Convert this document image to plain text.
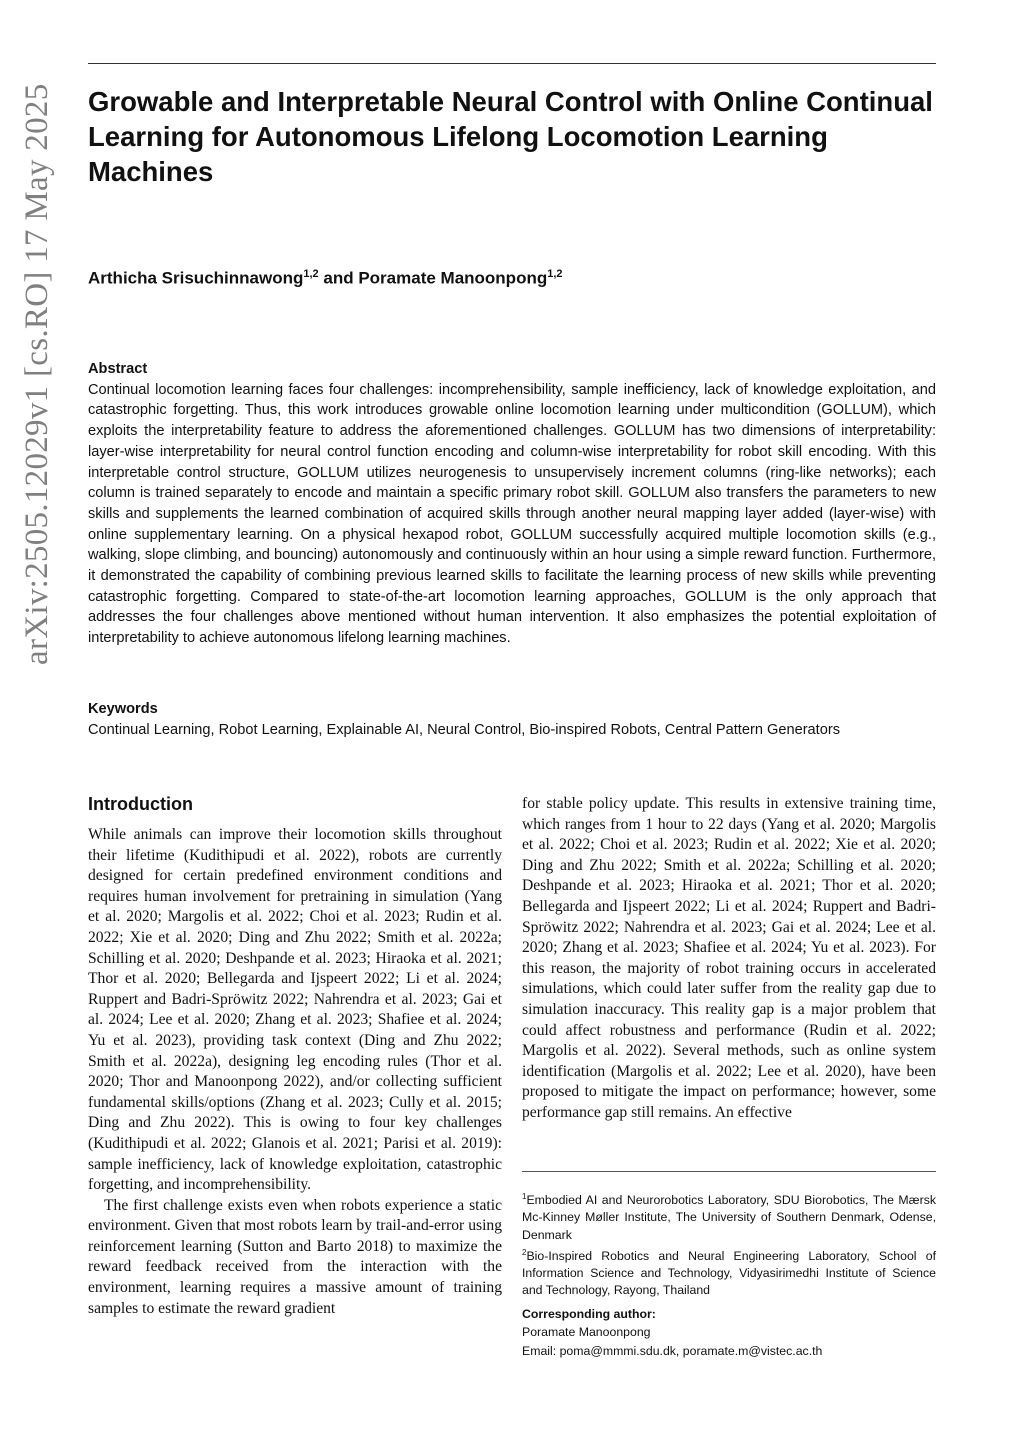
arXiv:2505.12029v1 [cs.RO] 17 May 2025 Growable and Interpretable Neural Control with Online Continual Learning for Autonomous Lifelong Locomotion Learning Machines
Arthicha Srisuchinnawong$^{1,2}$ and Poramate Manoonpong$^{1,2}$
Abstract

Continual locomotion learning faces four challenges: incomprehensibility, sample inefficiency, lack of knowledge exploitation, and catastrophic forgetting. Thus, this work introduces growable online locomotion learning under multicondition (GOLLUM), which exploits the interpretability feature to address the aforementioned challenges. GOLLUM has two dimensions of interpretability: layer-wise interpretability for neural control function encoding and column-wise interpretability for robot skill encoding. With this interpretable control structure, GOLLUM utilizes neurogenesis to unsupervisely increment columns (ring-like networks); each column is trained separately to encode and maintain a specific primary robot skill. GOLLUM also transfers the parameters to new skills and supplements the learned combination of acquired skills through another neural mapping layer added (layer-wise) with online supplementary learning. On a physical hexapod robot, GOLLUM successfully acquired multiple locomotion skills (e.g., walking, slope climbing, and bouncing) autonomously and continuously within an hour using a simple reward function. Furthermore, it demonstrated the capability of combining previous learned skills to facilitate the learning process of new skills while preventing catastrophic forgetting. Compared to state-of-the-art locomotion learning approaches, GOLLUM is the only approach that addresses the four challenges above mentioned without human intervention. It also emphasizes the potential exploitation of interpretability to achieve autonomous lifelong learning machines.

Keywords

Continual Learning, Robot Learning, Explainable AI, Neural Control, Bio-inspired Robots, Central Pattern Generators

Introduction

While animals can improve their locomotion skills throughout their lifetime (Kudithipudi et al. 2022), robots are currently designed for certain predefined environment conditions and requires human involvement for pretraining in simulation (Yang et al. 2020; Margolis et al. 2022; Choi et al. 2023; Rudin et al. 2022; Xie et al. 2020; Ding and Zhu 2022; Smith et al. 2022a; Schilling et al. 2020; Deshpande et al. 2023; Hiraoka et al. 2021; Thor et al. 2020; Bellegarda and Ijspeert 2022; Li et al. 2024; Ruppert and Badri-Spröwitz 2022; Nahrendra et al. 2023; Gai et al. 2024; Lee et al. 2020; Zhang et al. 2023; Shafiee et al. 2024; Yu et al. 2023), providing task context (Ding and Zhu 2022; Smith et al. 2022a), designing leg encoding rules (Thor et al. 2020; Thor and Manoonpong 2022), and/or collecting sufficient fundamental skills/options (Zhang et al. 2023; Cully et al. 2015; Ding and Zhu 2022). This is owing to four key challenges (Kudithipudi et al. 2022; Glanois et al. 2021; Parisi et al. 2019): sample inefficiency, lack of knowledge exploitation, catastrophic forgetting, and incomprehensibility.

The first challenge exists even when robots experience a static environment. Given that most robots learn by trail-and-error using reinforcement learning (Sutton and Barto 2018) to maximize the reward feedback received from the interaction with the environment, learning requires a massive amount of training samples to estimate the reward gradient

for stable policy update. This results in extensive training time, which ranges from 1 hour to 22 days (Yang et al. 2020; Margolis et al. 2022; Choi et al. 2023; Rudin et al. 2022; Xie et al. 2020; Ding and Zhu 2022; Smith et al. 2022a; Schilling et al. 2020; Deshpande et al. 2023; Hiraoka et al. 2021; Thor et al. 2020; Bellegarda and Ijspeert 2022; Li et al. 2024; Ruppert and Badri-Spröwitz 2022; Nahrendra et al. 2023; Gai et al. 2024; Lee et al. 2020; Zhang et al. 2023; Shafiee et al. 2024; Yu et al. 2023). For this reason, the majority of robot training occurs in accelerated simulations, which could later suffer from the reality gap due to simulation inaccuracy. This reality gap is a major problem that could affect robustness and performance (Rudin et al. 2022; Margolis et al. 2022). Several methods, such as online system identification (Margolis et al. 2022; Lee et al. 2020), have been proposed to mitigate the impact on performance; however, some performance gap still remains. An effective

$^1$Embodied AI and Neurorobotics Laboratory, SDU Biorobotics, The Mærsk Mc-Kinney Møller Institute, The University of Southern Denmark, Odense, Denmark

$^2$Bio-Inspired Robotics and Neural Engineering Laboratory, School of Information Science and Technology, Vidyasirimedhi Institute of Science and Technology, Rayong, Thailand

Corresponding author:

Poramate Manoonpong

Email: poma@mmmi.sdu.dk, poramate.m@vistec.ac.th
